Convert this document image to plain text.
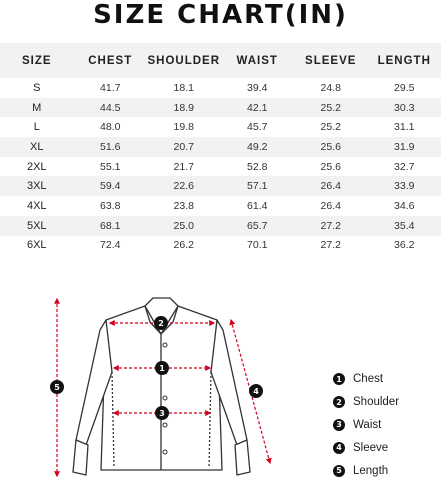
SIZE CHART(IN)
SIZE	CHEST	SHOULDER	WAIST	SLEEVE	LENGTH
S	41.7	18.1	39.4	24.8	29.5
M	44.5	18.9	42.1	25.2	30.3
L	48.0	19.8	45.7	25.2	31.1
XL	51.6	20.7	49.2	25.6	31.9
2XL	55.1	21.7	52.8	25.6	32.7
3XL	59.4	22.6	57.1	26.4	33.9
4XL	63.8	23.8	61.4	26.4	34.6
5XL	68.1	25.0	65.7	27.2	35.4
6XL	72.4	26.2	70.1	27.2	36.2
1
2
3
4
5
1 Chest
2 Shoulder
3 Waist
4 Sleeve
5 Length
